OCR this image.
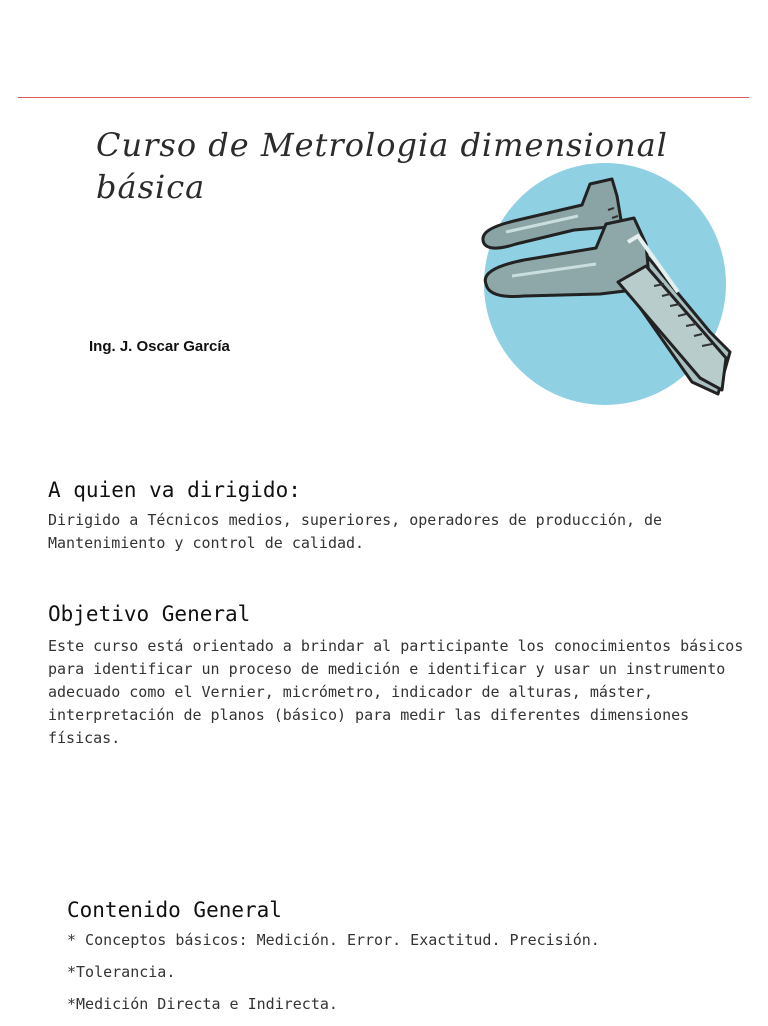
Curso de Metrologia dimensional básica

Ing. J. Oscar García

A quien va dirigido:

Dirigido a Técnicos medios, superiores, operadores de producción, de Mantenimiento y control de calidad.

Objetivo General

Este curso está orientado a brindar al participante los conocimientos básicos para identificar un proceso de medición e identificar y usar un instrumento adecuado como el Vernier, micrómetro, indicador de alturas, máster, interpretación de planos (básico) para medir las diferentes dimensiones físicas.

Contenido General
* Conceptos básicos: Medición. Error. Exactitud. Precisión.
*Tolerancia.
*Medición Directa e Indirecta.
